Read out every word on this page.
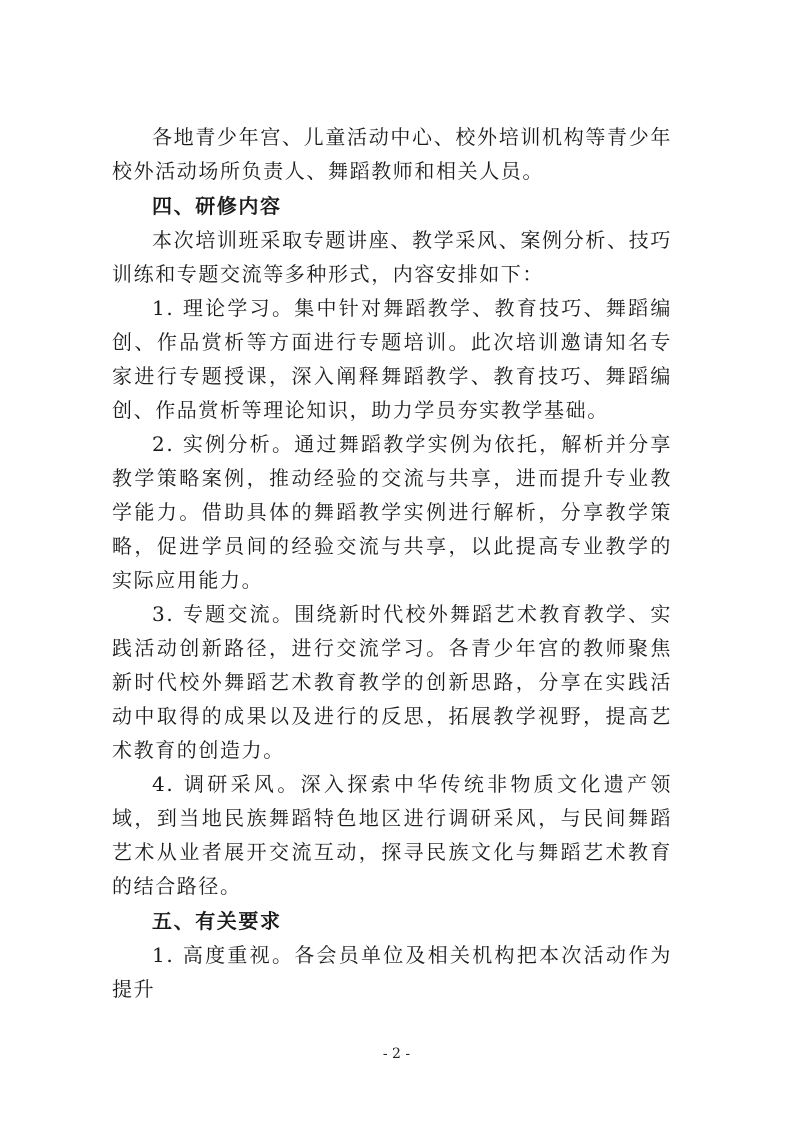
各地青少年宫、儿童活动中心、校外培训机构等青少年校外活动场所负责人、舞蹈教师和相关人员。

四、研修内容

本次培训班采取专题讲座、教学采风、案例分析、技巧训练和专题交流等多种形式，内容安排如下：

1. 理论学习。集中针对舞蹈教学、教育技巧、舞蹈编创、作品赏析等方面进行专题培训。此次培训邀请知名专家进行专题授课，深入阐释舞蹈教学、教育技巧、舞蹈编创、作品赏析等理论知识，助力学员夯实教学基础。

2. 实例分析。通过舞蹈教学实例为依托，解析并分享教学策略案例，推动经验的交流与共享，进而提升专业教学能力。借助具体的舞蹈教学实例进行解析，分享教学策略，促进学员间的经验交流与共享，以此提高专业教学的实际应用能力。

3. 专题交流。围绕新时代校外舞蹈艺术教育教学、实践活动创新路径，进行交流学习。各青少年宫的教师聚焦新时代校外舞蹈艺术教育教学的创新思路，分享在实践活动中取得的成果以及进行的反思，拓展教学视野，提高艺术教育的创造力。

4. 调研采风。深入探索中华传统非物质文化遗产领域，到当地民族舞蹈特色地区进行调研采风，与民间舞蹈艺术从业者展开交流互动，探寻民族文化与舞蹈艺术教育的结合路径。

五、有关要求

1. 高度重视。各会员单位及相关机构把本次活动作为提升

- 2 -
